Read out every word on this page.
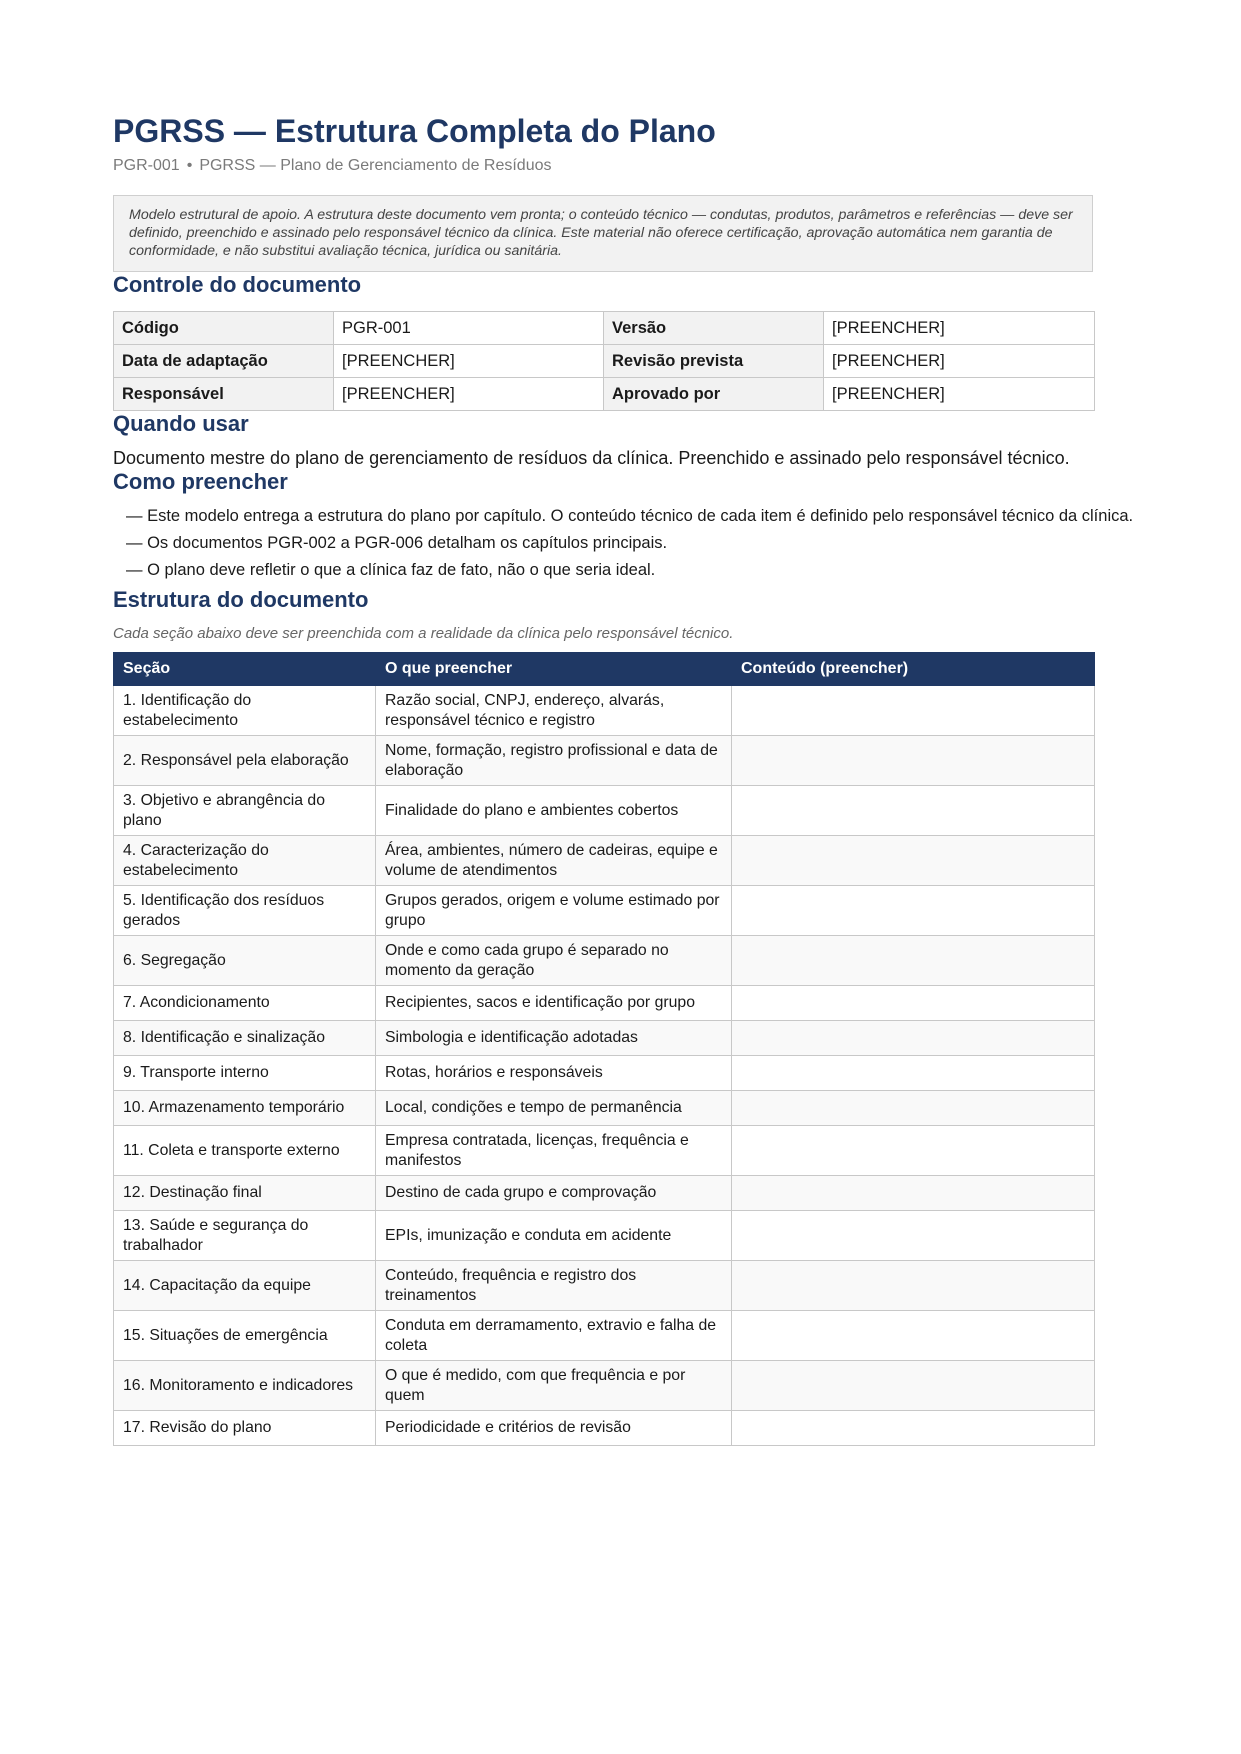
PGRSS — Estrutura Completa do Plano
PGR-001 • PGRSS — Plano de Gerenciamento de Resíduos
Modelo estrutural de apoio. A estrutura deste documento vem pronta; o conteúdo técnico — condutas, produtos, parâmetros e referências — deve ser definido, preenchido e assinado pelo responsável técnico da clínica. Este material não oferece certificação, aprovação automática nem garantia de conformidade, e não substitui avaliação técnica, jurídica ou sanitária.
Controle do documento
Código	PGR-001	Versão	[PREENCHER]
Data de adaptação	[PREENCHER]	Revisão prevista	[PREENCHER]
Responsável	[PREENCHER]	Aprovado por	[PREENCHER]
Quando usar

Documento mestre do plano de gerenciamento de resíduos da clínica. Preenchido e assinado pelo responsável técnico.

Como preencher
— Este modelo entrega a estrutura do plano por capítulo. O conteúdo técnico de cada item é definido pelo responsável técnico da clínica.
— Os documentos PGR-002 a PGR-006 detalham os capítulos principais.
— O plano deve refletir o que a clínica faz de fato, não o que seria ideal.
Estrutura do documento
Cada seção abaixo deve ser preenchida com a realidade da clínica pelo responsável técnico.
Seção	O que preencher	Conteúdo (preencher)
1. Identificação do estabelecimento	Razão social, CNPJ, endereço, alvarás, responsável técnico e registro	
2. Responsável pela elaboração	Nome, formação, registro profissional e data de elaboração	
3. Objetivo e abrangência do plano	Finalidade do plano e ambientes cobertos	
4. Caracterização do estabelecimento	Área, ambientes, número de cadeiras, equipe e volume de atendimentos	
5. Identificação dos resíduos gerados	Grupos gerados, origem e volume estimado por grupo	
6. Segregação	Onde e como cada grupo é separado no momento da geração	
7. Acondicionamento	Recipientes, sacos e identificação por grupo	
8. Identificação e sinalização	Simbologia e identificação adotadas	
9. Transporte interno	Rotas, horários e responsáveis	
10. Armazenamento temporário	Local, condições e tempo de permanência	
11. Coleta e transporte externo	Empresa contratada, licenças, frequência e manifestos	
12. Destinação final	Destino de cada grupo e comprovação	
13. Saúde e segurança do trabalhador	EPIs, imunização e conduta em acidente	
14. Capacitação da equipe	Conteúdo, frequência e registro dos treinamentos	
15. Situações de emergência	Conduta em derramamento, extravio e falha de coleta	
16. Monitoramento e indicadores	O que é medido, com que frequência e por quem	
17. Revisão do plano	Periodicidade e critérios de revisão	
